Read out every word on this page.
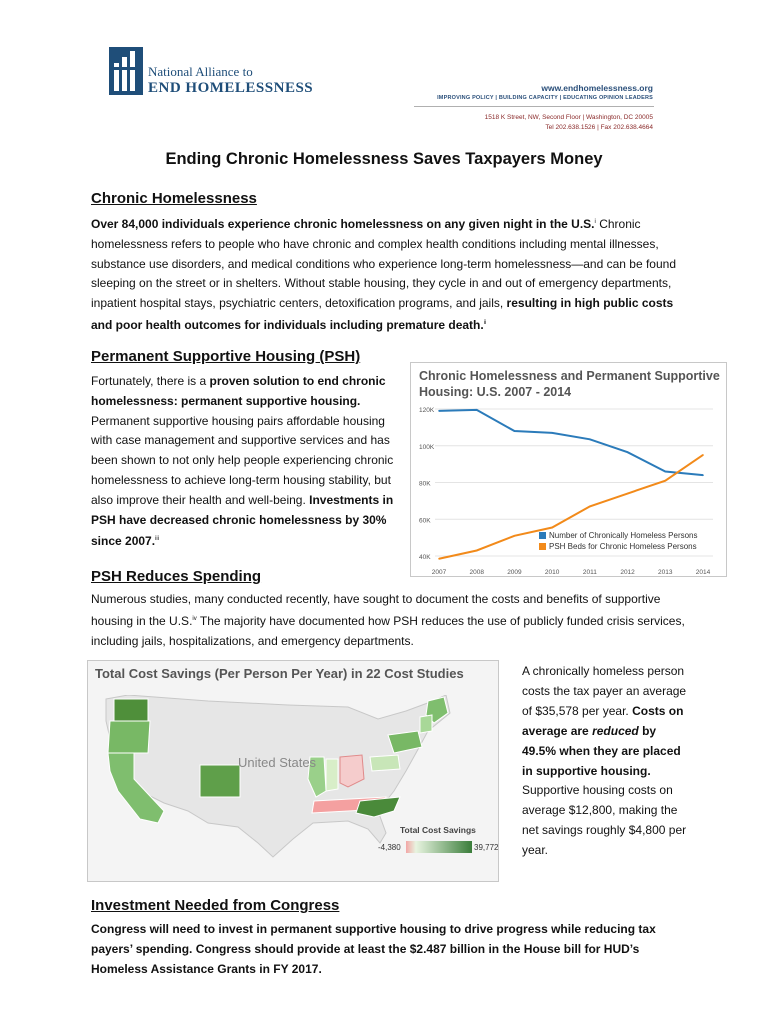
National Alliance to
END HOMELESSNESS	www.endhomelessness.org
IMPROVING POLICY | BUILDING CAPACITY | EDUCATING OPINION LEADERS
1518 K Street, NW, Second Floor | Washington, DC 20005
Tel 202.638.1526 | Fax 202.638.4664
Ending Chronic Homelessness Saves Taxpayers Money
Chronic Homelessness
Over 84,000 individuals experience chronic homelessness on any given night in the U.S.$^i$ Chronic homelessness refers to people who have chronic and complex health conditions including mental illnesses, substance use disorders, and medical conditions who experience long-term homelessness—and can be found sleeping on the street or in shelters. Without stable housing, they cycle in and out of emergency departments, inpatient hospital stays, psychiatric centers, detoxification programs, and jails, resulting in high public costs and poor health outcomes for individuals including premature death.$^{ii}$
Permanent Supportive Housing (PSH)
Fortunately, there is a proven solution to end chronic homelessness: permanent supportive housing. Permanent supportive housing pairs affordable housing with case management and supportive services and has been shown to not only help people experiencing chronic homelessness to achieve long-term housing stability, but also improve their health and well-being. Investments in PSH have decreased chronic homelessness by 30% since 2007.$^{iii}$
Chronic Homelessness and Permanent Supportive Housing: U.S. 2007 - 2014
40K
60K
80K
100K
120K
2007	2008	2009	2010	2011	2012	2013	2014
Number of Chronically Homeless Persons
PSH Beds for Chronic Homeless Persons
PSH Reduces Spending
Numerous studies, many conducted recently, have sought to document the costs and benefits of supportive housing in the U.S.$^{iv}$ The majority have documented how PSH reduces the use of publicly funded crisis services, including jails, hospitalizations, and emergency departments.
Total Cost Savings (Per Person Per Year) in 22 Cost Studies
United States
Total Cost Savings
-4,380	39,772
A chronically homeless person costs the tax payer an average of $35,578 per year. Costs on average are reduced by 49.5% when they are placed in supportive housing. Supportive housing costs on average $12,800, making the net savings roughly $4,800 per year.
Investment Needed from Congress
Congress will need to invest in permanent supportive housing to drive progress while reducing tax payers’ spending. Congress should provide at least the $2.487 billion in the House bill for HUD’s Homeless Assistance Grants in FY 2017.
